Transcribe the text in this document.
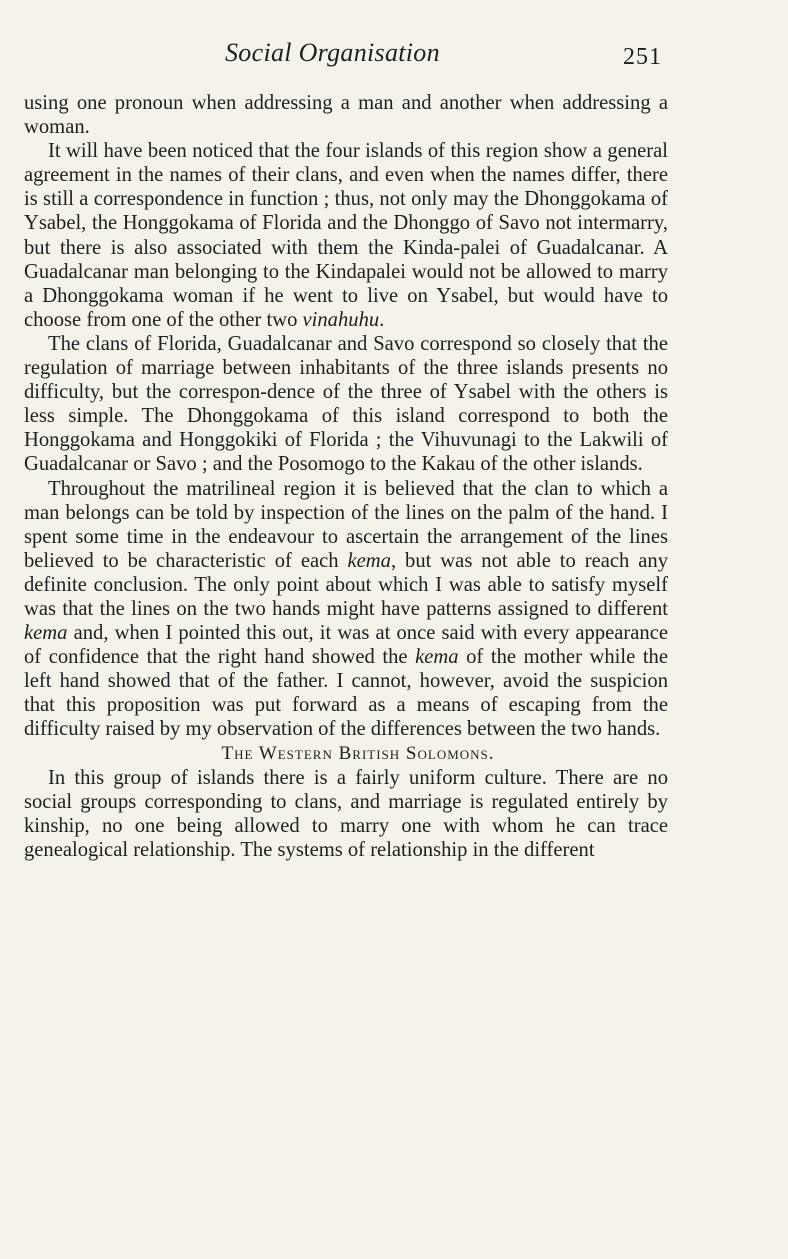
Social Organisation	251

using one pronoun when addressing a man and another when addressing a woman.

It will have been noticed that the four islands of this region show a general agreement in the names of their clans, and even when the names differ, there is still a correspondence in function ; thus, not only may the Dhonggokama of Ysabel, the Honggokama of Florida and the Dhonggo of Savo not intermarry, but there is also associated with them the Kinda-palei of Guadalcanar. A Guadalcanar man belonging to the Kindapalei would not be allowed to marry a Dhonggokama woman if he went to live on Ysabel, but would have to choose from one of the other two vinahuhu.

The clans of Florida, Guadalcanar and Savo correspond so closely that the regulation of marriage between inhabitants of the three islands presents no difficulty, but the correspon-dence of the three of Ysabel with the others is less simple. The Dhonggokama of this island correspond to both the Honggokama and Honggokiki of Florida ; the Vihuvunagi to the Lakwili of Guadalcanar or Savo ; and the Posomogo to the Kakau of the other islands.

Throughout the matrilineal region it is believed that the clan to which a man belongs can be told by inspection of the lines on the palm of the hand. I spent some time in the endeavour to ascertain the arrangement of the lines believed to be characteristic of each kema, but was not able to reach any definite conclusion. The only point about which I was able to satisfy myself was that the lines on the two hands might have patterns assigned to different kema and, when I pointed this out, it was at once said with every appearance of confidence that the right hand showed the kema of the mother while the left hand showed that of the father. I cannot, however, avoid the suspicion that this proposition was put forward as a means of escaping from the difficulty raised by my observation of the differences between the two hands.

The Western British Solomons.

In this group of islands there is a fairly uniform culture. There are no social groups corresponding to clans, and marriage is regulated entirely by kinship, no one being allowed to marry one with whom he can trace genealogical relationship. The systems of relationship in the different
